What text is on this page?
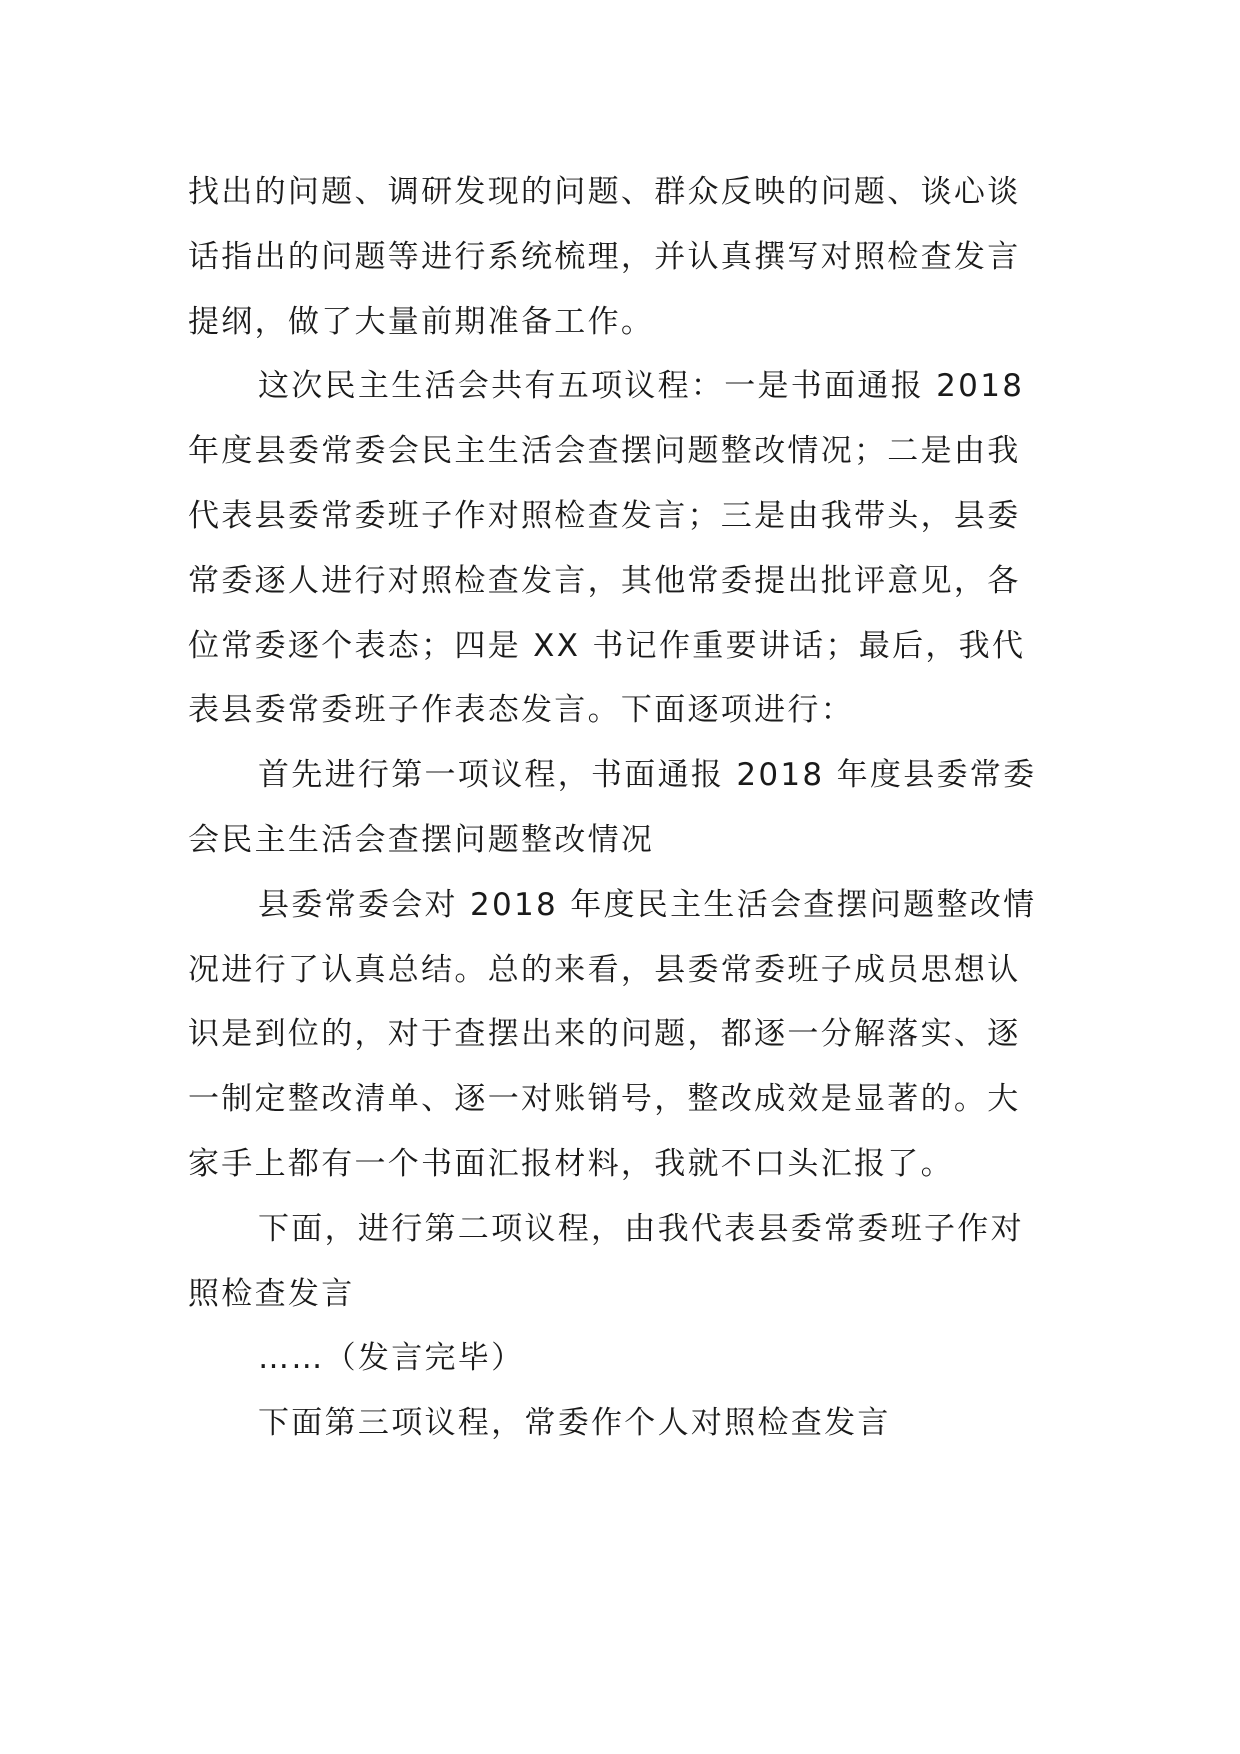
找出的问题、调研发现的问题、群众反映的问题、谈心谈
话指出的问题等进行系统梳理，并认真撰写对照检查发言
提纲，做了大量前期准备工作。
这次民主生活会共有五项议程：一是书面通报 2018
年度县委常委会民主生活会查摆问题整改情况；二是由我
代表县委常委班子作对照检查发言；三是由我带头，县委
常委逐人进行对照检查发言，其他常委提出批评意见，各
位常委逐个表态；四是 XX 书记作重要讲话；最后，我代
表县委常委班子作表态发言。下面逐项进行：
首先进行第一项议程，书面通报 2018 年度县委常委
会民主生活会查摆问题整改情况
县委常委会对 2018 年度民主生活会查摆问题整改情
况进行了认真总结。总的来看，县委常委班子成员思想认
识是到位的，对于查摆出来的问题，都逐一分解落实、逐
一制定整改清单、逐一对账销号，整改成效是显著的。大
家手上都有一个书面汇报材料，我就不口头汇报了。
下面，进行第二项议程，由我代表县委常委班子作对
照检查发言
……（发言完毕）
下面第三项议程，常委作个人对照检查发言
